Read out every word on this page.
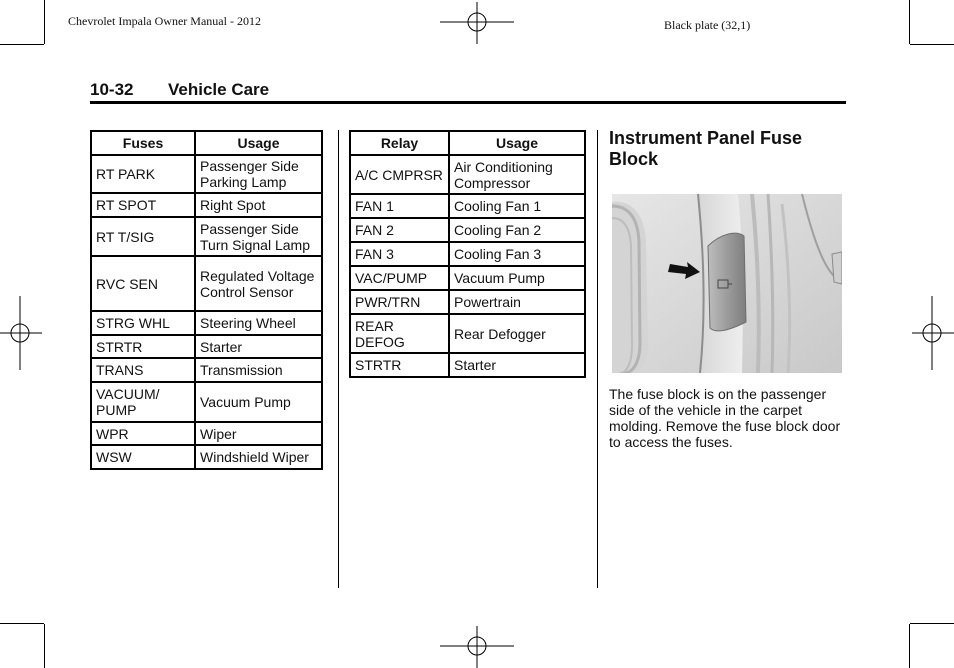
Chevrolet Impala Owner Manual - 2012	Black plate (32,1)
10-32 Vehicle Care
Fuses	Usage
RT PARK	Passenger Side Parking Lamp
RT SPOT	Right Spot
RT T/SIG	Passenger Side Turn Signal Lamp
RVC SEN	Regulated Voltage Control Sensor
STRG WHL	Steering Wheel
STRTR	Starter
TRANS	Transmission
VACUUM/ PUMP	Vacuum Pump
WPR	Wiper
WSW	Windshield Wiper
Relay	Usage
A/C CMPRSR	Air Conditioning Compressor
FAN 1	Cooling Fan 1
FAN 2	Cooling Fan 2
FAN 3	Cooling Fan 3
VAC/PUMP	Vacuum Pump
PWR/TRN	Powertrain
REAR DEFOG	Rear Defogger
STRTR	Starter
Instrument Panel Fuse Block
The fuse block is on the passenger side of the vehicle in the carpet molding. Remove the fuse block door to access the fuses.
